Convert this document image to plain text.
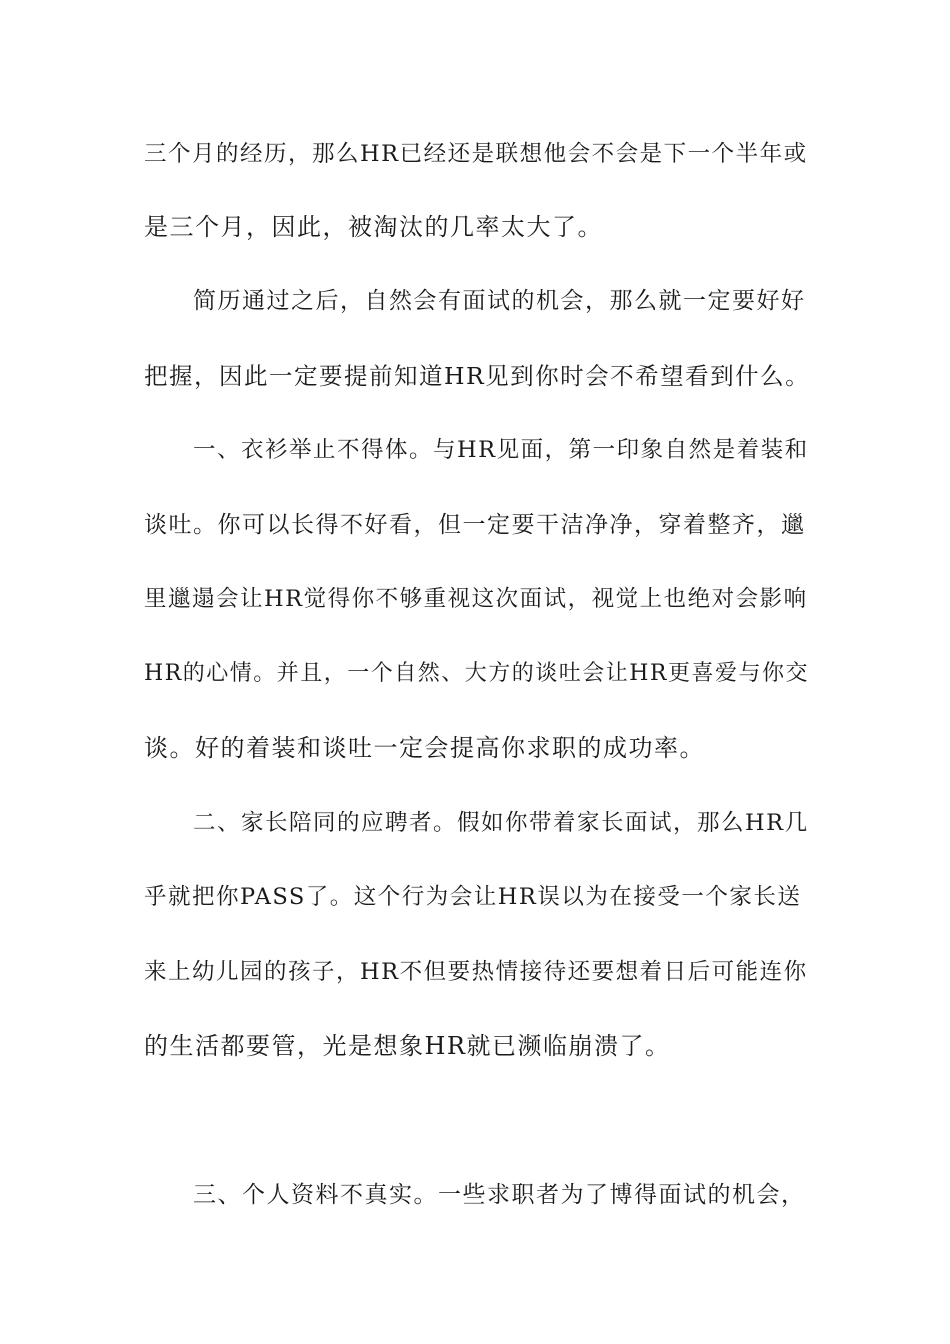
三个月的经历，那么HR已经还是联想他会不会是下一个半年或
是三个月，因此，被淘汰的几率太大了。
简历通过之后，自然会有面试的机会，那么就一定要好好
把握，因此一定要提前知道HR见到你时会不希望看到什么。
一、衣衫举止不得体。与HR见面，第一印象自然是着装和
谈吐。你可以长得不好看，但一定要干洁净净，穿着整齐，邋
里邋遢会让HR觉得你不够重视这次面试，视觉上也绝对会影响
HR的心情。并且，一个自然、大方的谈吐会让HR更喜爱与你交
谈。好的着装和谈吐一定会提高你求职的成功率。
二、家长陪同的应聘者。假如你带着家长面试，那么HR几
乎就把你PASS了。这个行为会让HR误以为在接受一个家长送
来上幼儿园的孩子，HR不但要热情接待还要想着日后可能连你
的生活都要管，光是想象HR就已濒临崩溃了。
三、个人资料不真实。一些求职者为了博得面试的机会，
